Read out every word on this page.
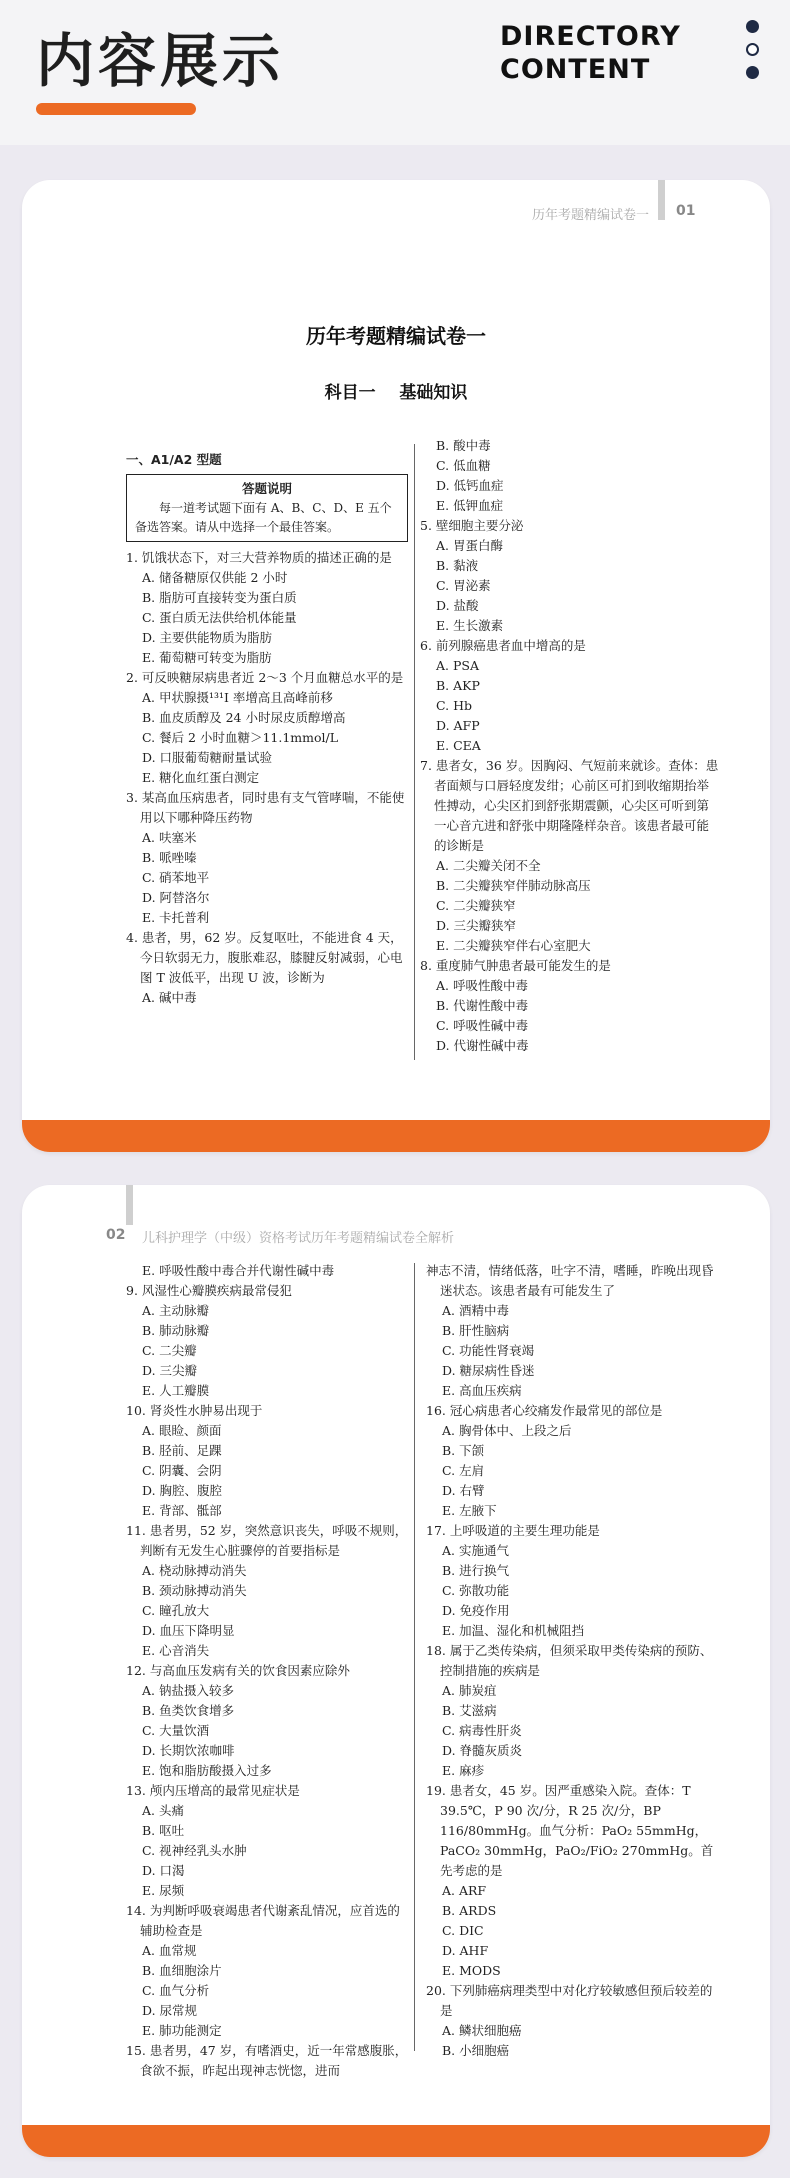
内容展示	DIRECTORY
CONTENT
历年考题精编试卷一 01
历年考题精编试卷一
科目一    基础知识
一、A1/A2 型题
答题说明
每一道考试题下面有 A、B、C、D、E 五个备选答案。请从中选择一个最佳答案。
1. 饥饿状态下，对三大营养物质的描述正确的是
A. 储备糖原仅供能 2 小时
B. 脂肪可直接转变为蛋白质
C. 蛋白质无法供给机体能量
D. 主要供能物质为脂肪
E. 葡萄糖可转变为脂肪
2. 可反映糖尿病患者近 2～3 个月血糖总水平的是
A. 甲状腺摄¹³¹I 率增高且高峰前移
B. 血皮质醇及 24 小时尿皮质醇增高
C. 餐后 2 小时血糖＞11.1mmol/L
D. 口服葡萄糖耐量试验
E. 糖化血红蛋白测定
3. 某高血压病患者，同时患有支气管哮喘，不能使用以下哪种降压药物
A. 呋塞米
B. 哌唑嗪
C. 硝苯地平
D. 阿替洛尔
E. 卡托普利
4. 患者，男，62 岁。反复呕吐，不能进食 4 天，今日软弱无力，腹胀难忍，膝腱反射减弱，心电图 T 波低平，出现 U 波，诊断为
A. 碱中毒
B. 酸中毒
C. 低血糖
D. 低钙血症
E. 低钾血症
5. 壁细胞主要分泌
A. 胃蛋白酶
B. 黏液
C. 胃泌素
D. 盐酸
E. 生长激素
6. 前列腺癌患者血中增高的是
A. PSA
B. AKP
C. Hb
D. AFP
E. CEA
7. 患者女，36 岁。因胸闷、气短前来就诊。查体：患者面颊与口唇轻度发绀；心前区可扪到收缩期抬举性搏动，心尖区扪到舒张期震颤，心尖区可听到第一心音亢进和舒张中期隆隆样杂音。该患者最可能的诊断是
A. 二尖瓣关闭不全
B. 二尖瓣狭窄伴肺动脉高压
C. 二尖瓣狭窄
D. 三尖瓣狭窄
E. 二尖瓣狭窄伴右心室肥大
8. 重度肺气肿患者最可能发生的是
A. 呼吸性酸中毒
B. 代谢性酸中毒
C. 呼吸性碱中毒
D. 代谢性碱中毒
02 儿科护理学（中级）资格考试历年考题精编试卷全解析
E. 呼吸性酸中毒合并代谢性碱中毒
9. 风湿性心瓣膜疾病最常侵犯
A. 主动脉瓣
B. 肺动脉瓣
C. 二尖瓣
D. 三尖瓣
E. 人工瓣膜
10. 肾炎性水肿易出现于
A. 眼睑、颜面
B. 胫前、足踝
C. 阴囊、会阴
D. 胸腔、腹腔
E. 背部、骶部
11. 患者男，52 岁，突然意识丧失，呼吸不规则，判断有无发生心脏骤停的首要指标是
A. 桡动脉搏动消失
B. 颈动脉搏动消失
C. 瞳孔放大
D. 血压下降明显
E. 心音消失
12. 与高血压发病有关的饮食因素应除外
A. 钠盐摄入较多
B. 鱼类饮食增多
C. 大量饮酒
D. 长期饮浓咖啡
E. 饱和脂肪酸摄入过多
13. 颅内压增高的最常见症状是
A. 头痛
B. 呕吐
C. 视神经乳头水肿
D. 口渴
E. 尿频
14. 为判断呼吸衰竭患者代谢紊乱情况，应首选的辅助检查是
A. 血常规
B. 血细胞涂片
C. 血气分析
D. 尿常规
E. 肺功能测定
15. 患者男，47 岁，有嗜酒史，近一年常感腹胀，食欲不振，昨起出现神志恍惚，进而
神志不清，情绪低落，吐字不清，嗜睡，昨晚出现昏迷状态。该患者最有可能发生了
A. 酒精中毒
B. 肝性脑病
C. 功能性肾衰竭
D. 糖尿病性昏迷
E. 高血压疾病
16. 冠心病患者心绞痛发作最常见的部位是
A. 胸骨体中、上段之后
B. 下颌
C. 左肩
D. 右臂
E. 左腋下
17. 上呼吸道的主要生理功能是
A. 实施通气
B. 进行换气
C. 弥散功能
D. 免疫作用
E. 加温、湿化和机械阻挡
18. 属于乙类传染病，但须采取甲类传染病的预防、控制措施的疾病是
A. 肺炭疽
B. 艾滋病
C. 病毒性肝炎
D. 脊髓灰质炎
E. 麻疹
19. 患者女，45 岁。因严重感染入院。查体：T 39.5℃，P 90 次/分，R 25 次/分，BP 116/80mmHg。血气分析：PaO₂ 55mmHg，PaCO₂ 30mmHg，PaO₂/FiO₂ 270mmHg。首先考虑的是
A. ARF
B. ARDS
C. DIC
D. AHF
E. MODS
20. 下列肺癌病理类型中对化疗较敏感但预后较差的是
A. 鳞状细胞癌
B. 小细胞癌
